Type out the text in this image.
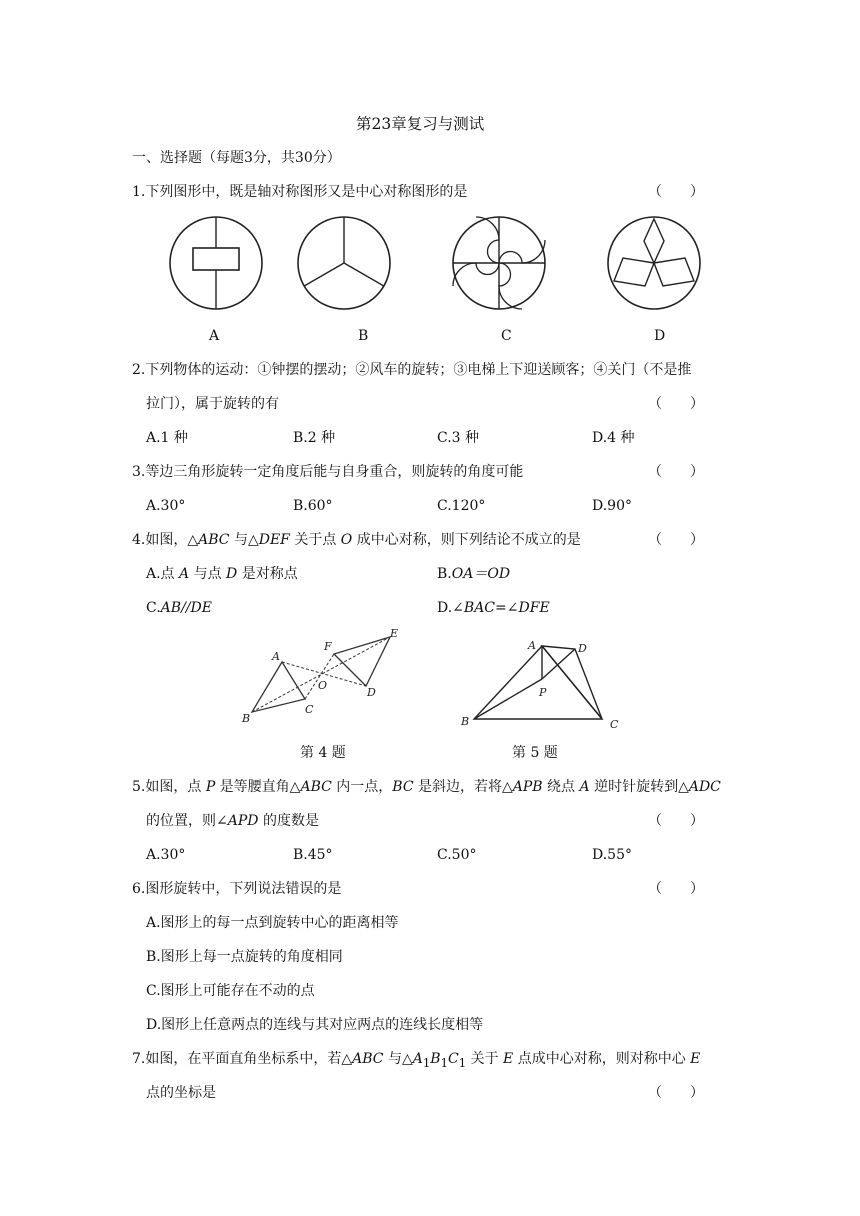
第23章复习与测试
一、选择题（每题3分，共30分）
1.下列图形中，既是轴对称图形又是中心对称图形的是	（　　）
A	B	C	D
2.下列物体的运动：①钟摆的摆动；②风车的旋转；③电梯上下迎送顾客；④关门（不是推
拉门），属于旋转的有	（　　）
A.1 种	B.2 种	C.3 种	D.4 种
3.等边三角形旋转一定角度后能与自身重合，则旋转的角度可能	（　　）
A.30°	B.60°	C.120°	D.90°
4.如图，△ABC 与△DEF 关于点 O 成中心对称，则下列结论不成立的是	（　　）
A.点 A 与点 D 是对称点	B.OA＝OD
C.AB//DE	D.∠BAC=∠DFE
A
B
C
D
E
F
O
第 4 题
A	D
P
B	C
第 5 题
5.如图，点 P 是等腰直角△ABC 内一点，BC 是斜边，若将△APB 绕点 A 逆时针旋转到△ADC
的位置，则∠APD 的度数是	（　　）
A.30°	B.45°	C.50°	D.55°
6.图形旋转中，下列说法错误的是	（　　）
A.图形上的每一点到旋转中心的距离相等
B.图形上每一点旋转的角度相同
C.图形上可能存在不动的点
D.图形上任意两点的连线与其对应两点的连线长度相等
7.如图，在平面直角坐标系中，若△ABC 与$\triangle A_1B_1C_1$ 关于 E 点成中心对称，则对称中心 E
点的坐标是	（　　）
